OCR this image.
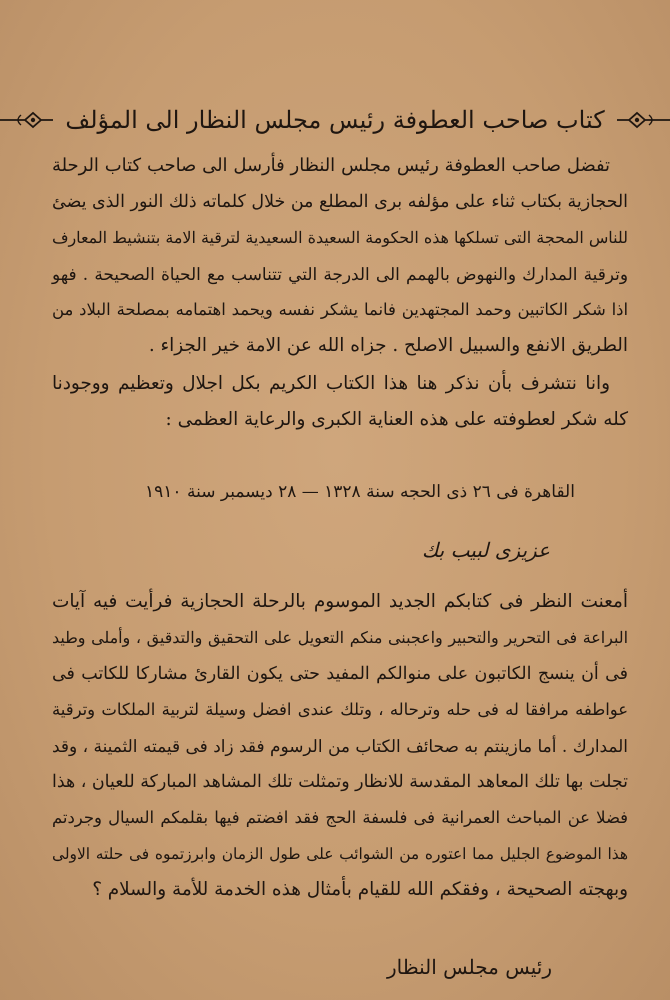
كتاب صاحب العطوفة رئيس مجلس النظار الى المؤلف
تفضل صاحب العطوفة رئيس مجلس النظار فأرسل الى صاحب كتاب الرحلة
الحجازية بكتاب ثناء على مؤلفه برى المطلع من خلال كلماته ذلك النور الذى يضئ
للناس المحجة التى تسلكها هذه الحكومة السعيدة السعيدية لترقية الامة بتنشيط المعارف
وترقية المدارك والنهوض بالهمم الى الدرجة التي تتناسب مع الحياة الصحيحة . فهو
اذا شكر الكاتبين وحمد المجتهدين فانما يشكر نفسه ويحمد اهتمامه بمصلحة البلاد من
الطريق الانفع والسبيل الاصلح . جزاه الله عن الامة خير الجزاء .
وانا نتشرف بأن نذكر هنا هذا الكتاب الكريم بكل اجلال وتعظيم ووجودنا
كله شكر لعطوفته على هذه العناية الكبرى والرعاية العظمى :
القاهرة فى ٢٦ ذى الحجه سنة ١٣٢٨ — ٢٨ ديسمبر سنة ١٩١٠
عزيزى لبيب بك
أمعنت النظر فى كتابكم الجديد الموسوم بالرحلة الحجازية فرأيت فيه آيات
البراعة فى التحرير والتحبير واعجبنى منكم التعويل على التحقيق والتدقيق ، وأملى وطيد
فى أن ينسج الكاتبون على منوالكم المفيد حتى يكون القارئ مشاركا للكاتب فى
عواطفه مرافقا له فى حله وترحاله ، وتلك عندى افضل وسيلة لتربية الملكات وترقية
المدارك . أما مازينتم به صحائف الكتاب من الرسوم فقد زاد فى قيمته الثمينة ، وقد
تجلت بها تلك المعاهد المقدسة للانظار وتمثلت تلك المشاهد المباركة للعيان ، هذا
فضلا عن المباحث العمرانية فى فلسفة الحج فقد افضتم فيها بقلمكم السيال وجردتم
هذا الموضوع الجليل مما اعتوره من الشوائب على طول الزمان وابرزتموه فى حلته الاولى
وبهجته الصحيحة ، وفقكم الله للقيام بأمثال هذه الخدمة للأمة والسلام ؟
رئيس مجلس النظار
